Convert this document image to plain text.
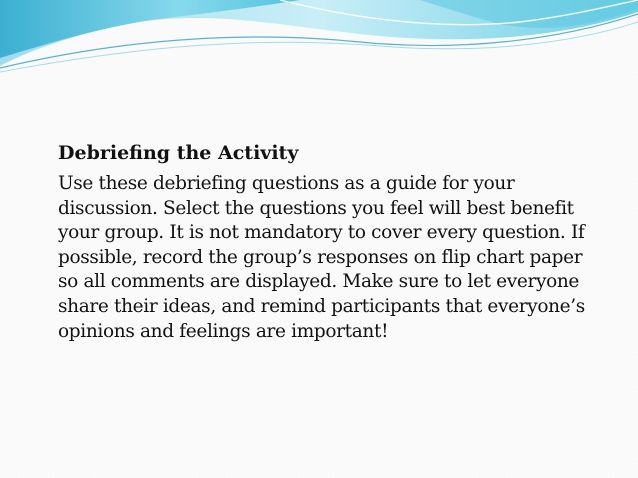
Debriefing the Activity

Use these debriefing questions as a guide for your discussion. Select the questions you feel will best benefit your group. It is not mandatory to cover every question. If possible, record the group’s responses on flip chart paper so all comments are displayed. Make sure to let everyone share their ideas, and remind participants that everyone’s opinions and feelings are important!
